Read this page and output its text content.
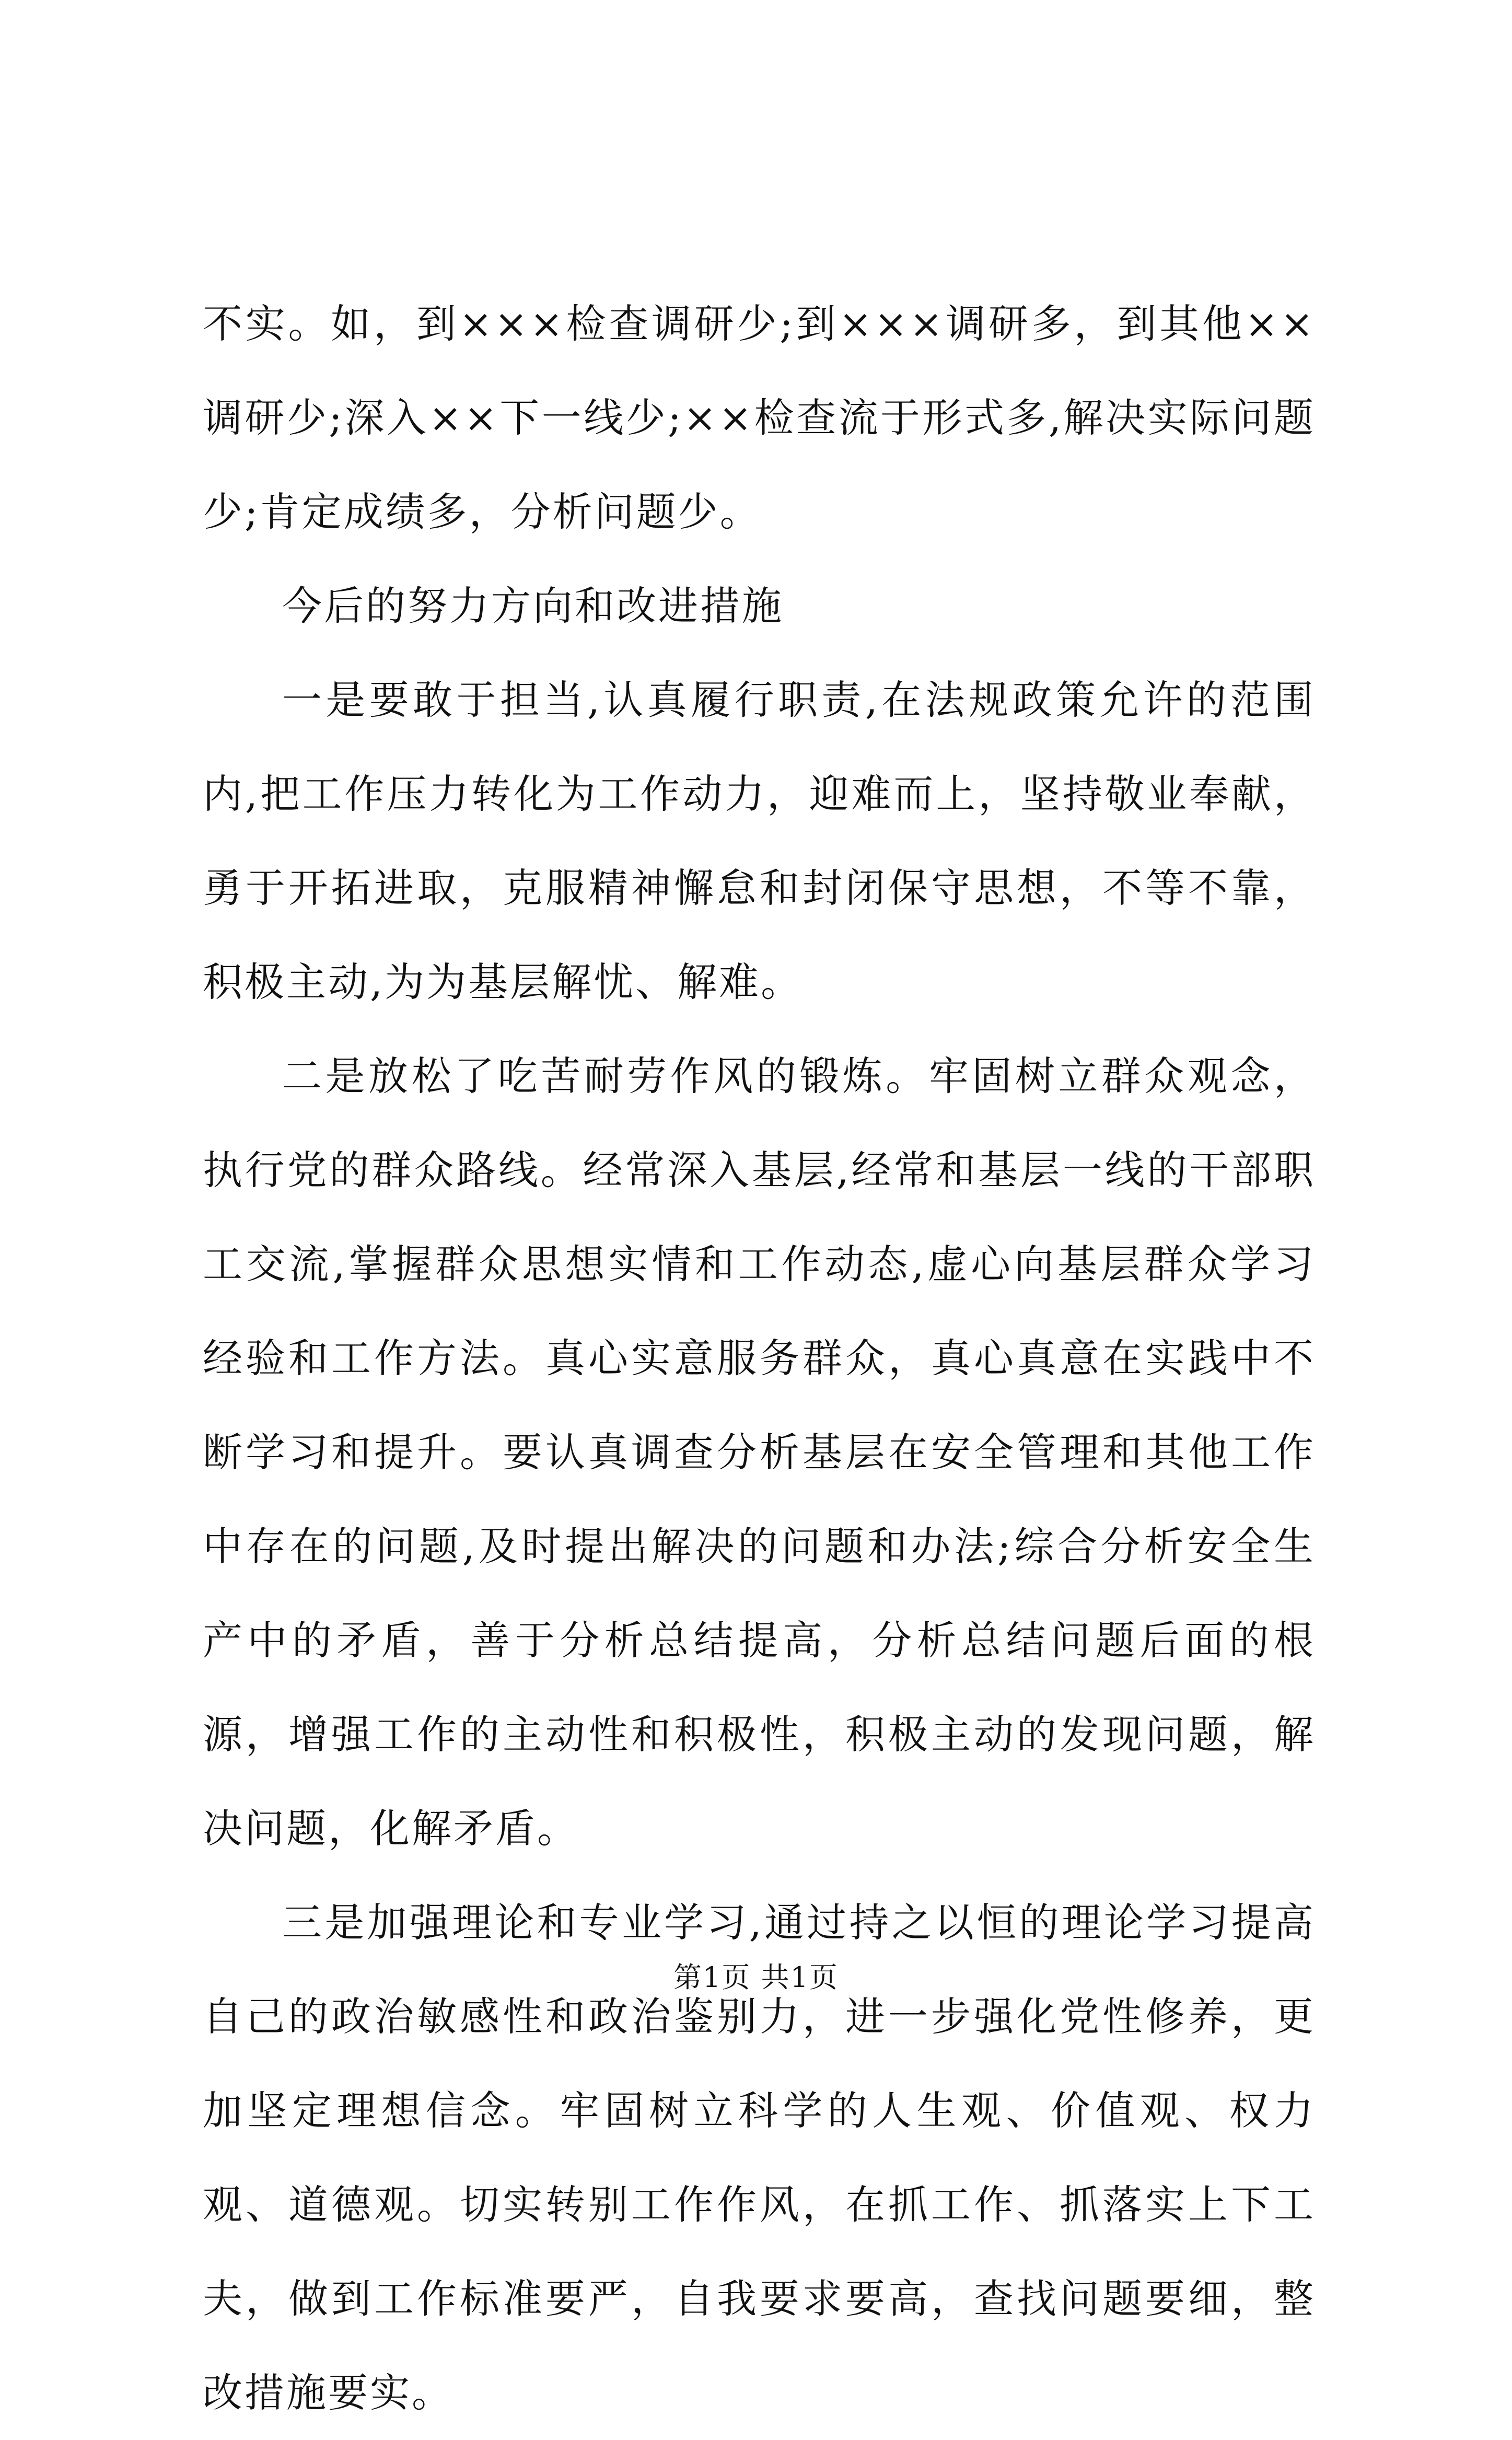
不实。如，到×××检查调研少;到×××调研多，到其他××调研少;深入××下一线少;××检查流于形式多,解决实际问题少;肯定成绩多，分析问题少。

今后的努力方向和改进措施

一是要敢于担当,认真履行职责,在法规政策允许的范围内,把工作压力转化为工作动力，迎难而上，坚持敬业奉献，勇于开拓进取，克服精神懈怠和封闭保守思想，不等不靠，积极主动,为为基层解忧、解难。

二是放松了吃苦耐劳作风的锻炼。牢固树立群众观念，执行党的群众路线。经常深入基层,经常和基层一线的干部职工交流,掌握群众思想实情和工作动态,虚心向基层群众学习经验和工作方法。真心实意服务群众，真心真意在实践中不断学习和提升。要认真调查分析基层在安全管理和其他工作中存在的问题,及时提出解决的问题和办法;综合分析安全生产中的矛盾，善于分析总结提高，分析总结问题后面的根源，增强工作的主动性和积极性，积极主动的发现问题，解决问题，化解矛盾。

三是加强理论和专业学习,通过持之以恒的理论学习提高自己的政治敏感性和政治鉴别力，进一步强化党性修养，更加坚定理想信念。牢固树立科学的人生观、价值观、权力观、道德观。切实转别工作作风，在抓工作、抓落实上下工夫，做到工作标准要严，自我要求要高，查找问题要细，整改措施要实。

第1页 共1页
